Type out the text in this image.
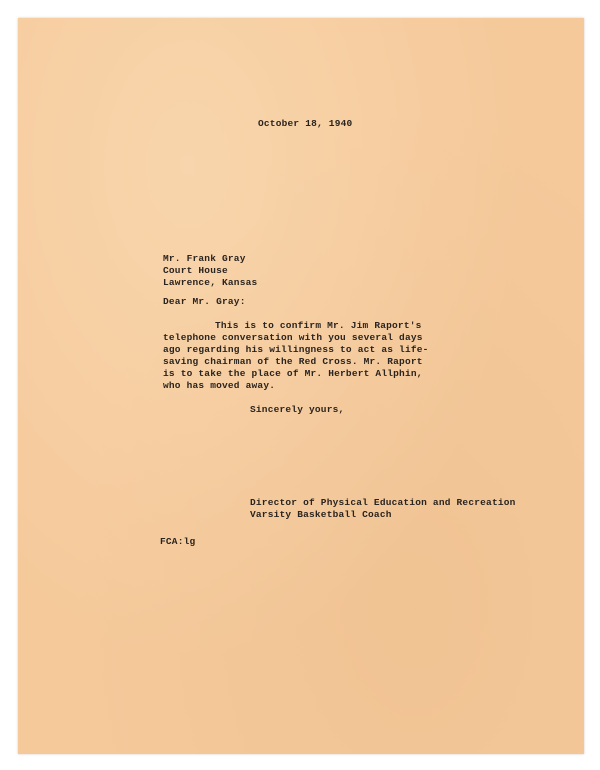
October 18, 1940
Mr. Frank Gray
Court House
Lawrence, Kansas
Dear Mr. Gray:
This is to confirm Mr. Jim Raport's
telephone conversation with you several days
ago regarding his willingness to act as life-
saving chairman of the Red Cross. Mr. Raport
is to take the place of Mr. Herbert Allphin,
who has moved away.
Sincerely yours,
Director of Physical Education and Recreation
Varsity Basketball Coach
FCA:lg
